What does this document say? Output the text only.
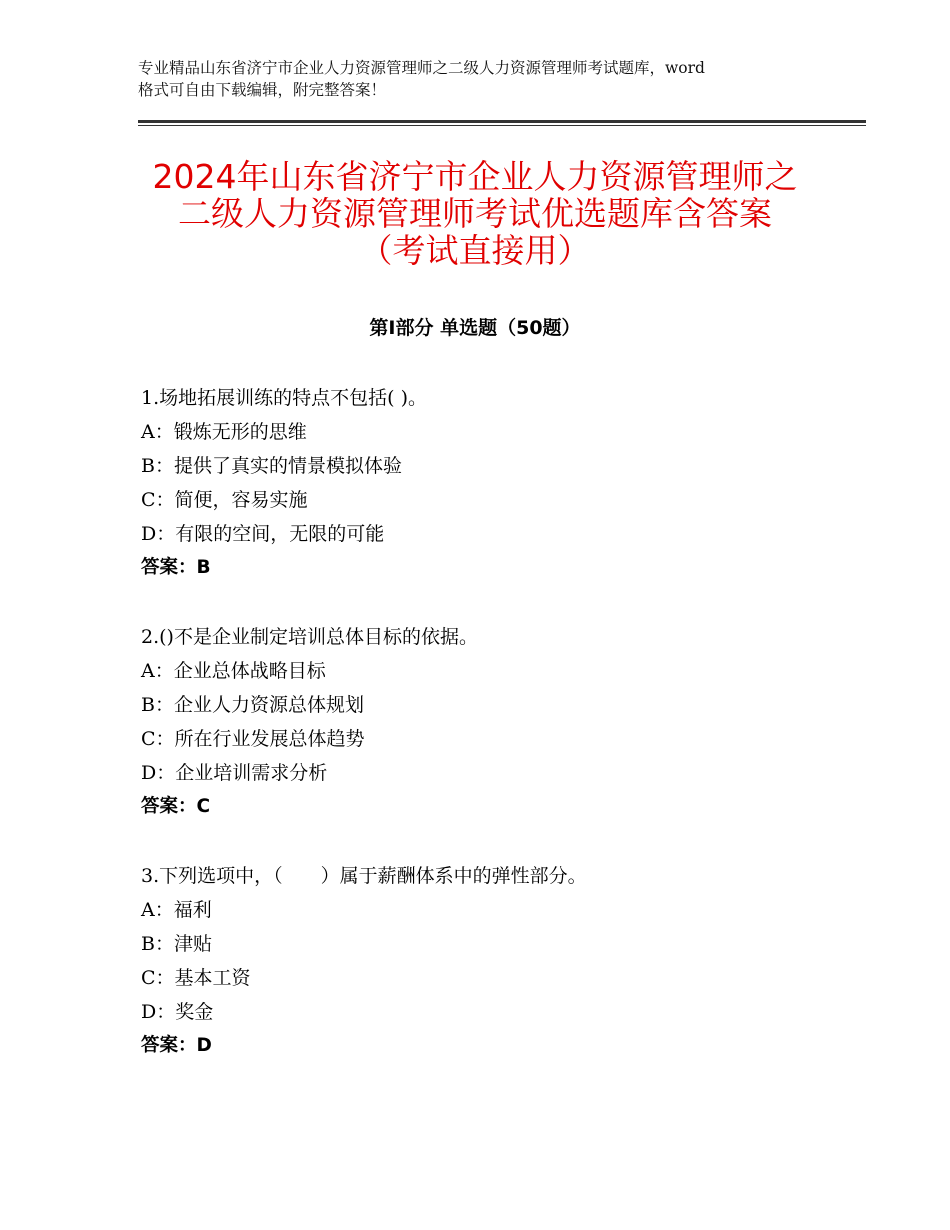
专业精品山东省济宁市企业人力资源管理师之二级人力资源管理师考试题库，word
格式可自由下载编辑，附完整答案！
2024年山东省济宁市企业人力资源管理师之
二级人力资源管理师考试优选题库含答案
（考试直接用）
第Ⅰ部分 单选题（50题）
1.场地拓展训练的特点不包括( )。
A：锻炼无形的思维
B：提供了真实的情景模拟体验
C：简便，容易实施
D：有限的空间，无限的可能
答案：B
2.()不是企业制定培训总体目标的依据。
A：企业总体战略目标
B：企业人力资源总体规划
C：所在行业发展总体趋势
D：企业培训需求分析
答案：C
3.下列选项中，（　　）属于薪酬体系中的弹性部分。
A：福利
B：津贴
C：基本工资
D：奖金
答案：D
